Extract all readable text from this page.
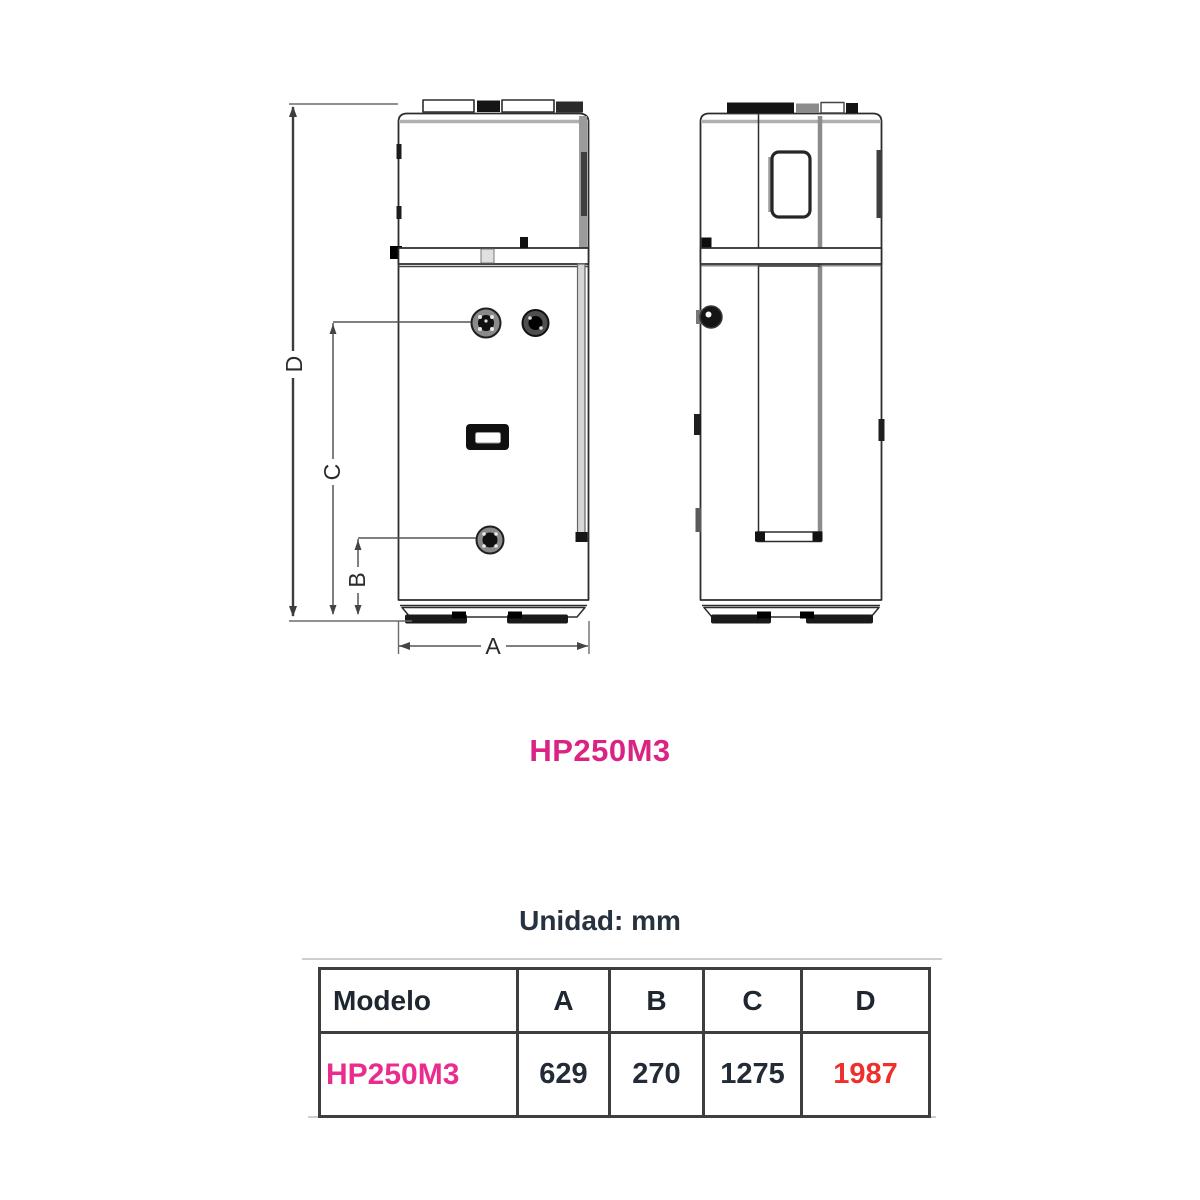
D
C
B
A
HP250M3
Unidad: mm
Modelo	A	B	C	D
HP250M3	629	270	1275	1987
